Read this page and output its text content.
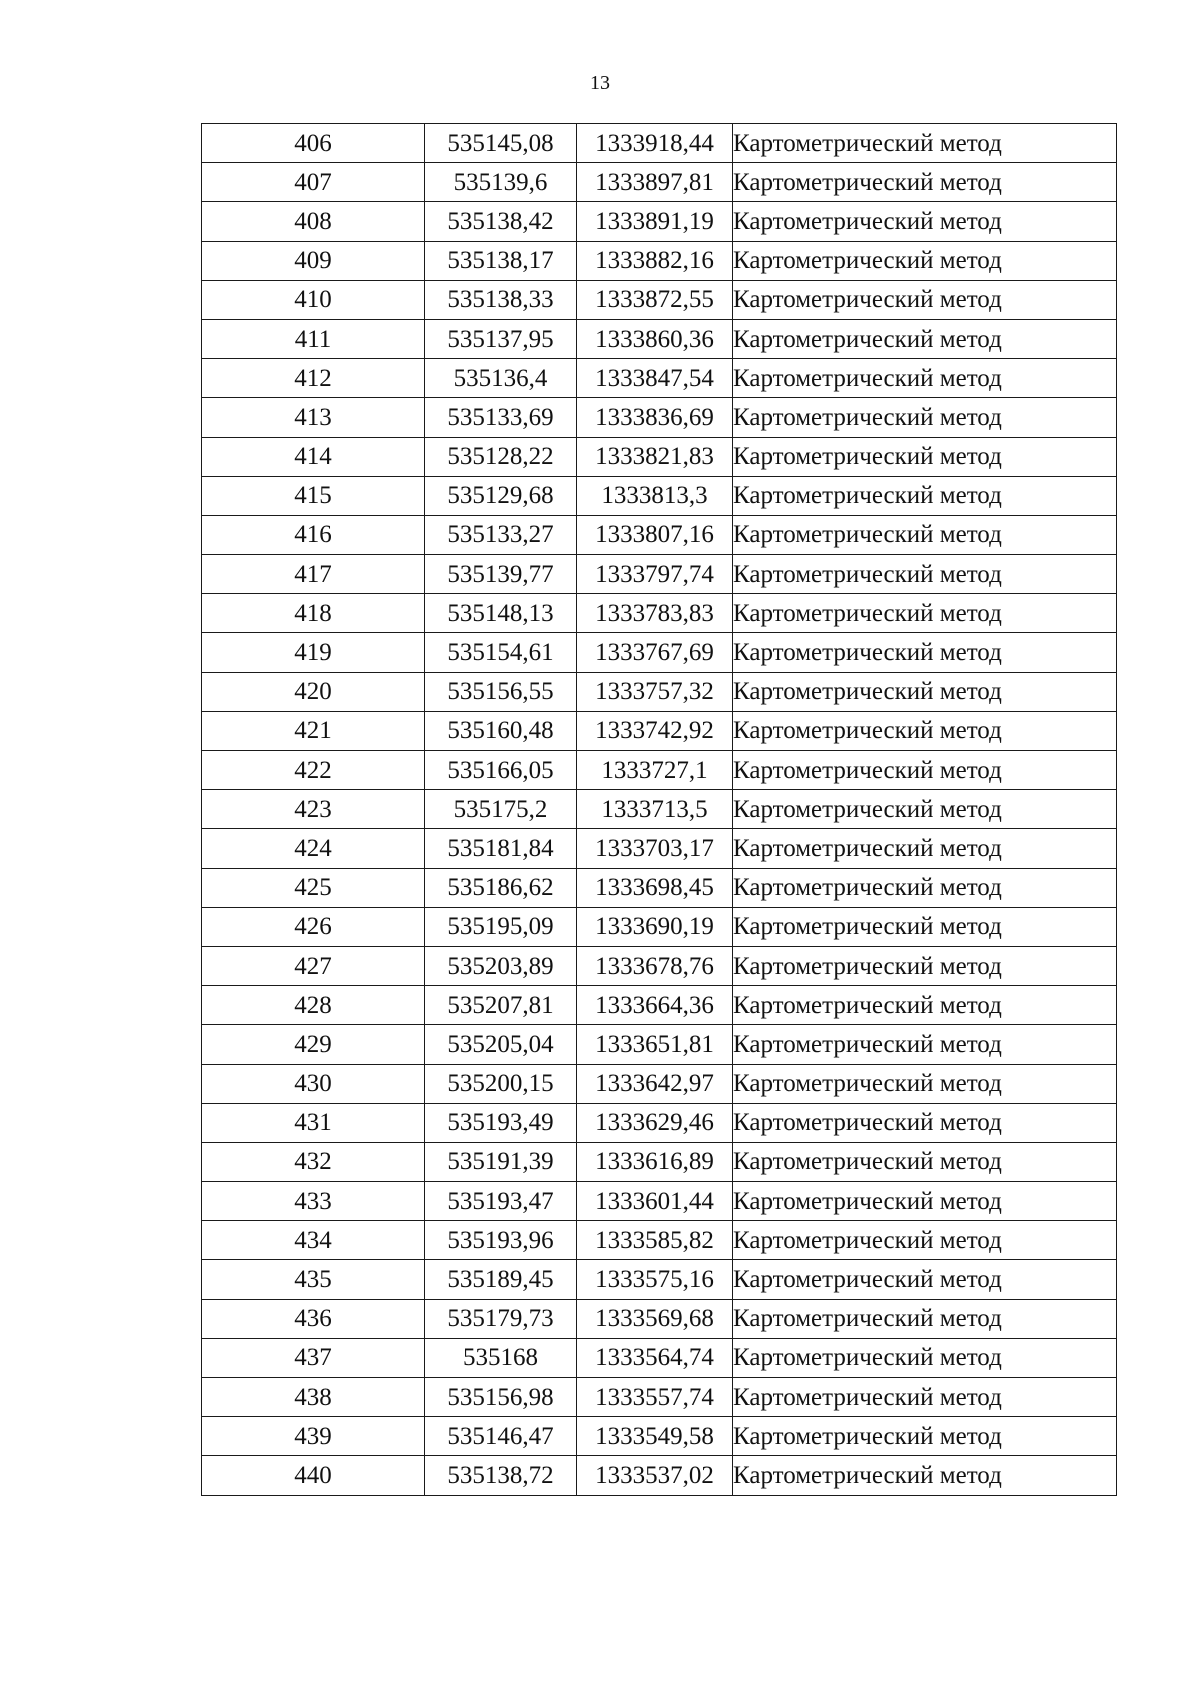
13
406	535145,08	1333918,44	Картометрический метод
407	535139,6	1333897,81	Картометрический метод
408	535138,42	1333891,19	Картометрический метод
409	535138,17	1333882,16	Картометрический метод
410	535138,33	1333872,55	Картометрический метод
411	535137,95	1333860,36	Картометрический метод
412	535136,4	1333847,54	Картометрический метод
413	535133,69	1333836,69	Картометрический метод
414	535128,22	1333821,83	Картометрический метод
415	535129,68	1333813,3	Картометрический метод
416	535133,27	1333807,16	Картометрический метод
417	535139,77	1333797,74	Картометрический метод
418	535148,13	1333783,83	Картометрический метод
419	535154,61	1333767,69	Картометрический метод
420	535156,55	1333757,32	Картометрический метод
421	535160,48	1333742,92	Картометрический метод
422	535166,05	1333727,1	Картометрический метод
423	535175,2	1333713,5	Картометрический метод
424	535181,84	1333703,17	Картометрический метод
425	535186,62	1333698,45	Картометрический метод
426	535195,09	1333690,19	Картометрический метод
427	535203,89	1333678,76	Картометрический метод
428	535207,81	1333664,36	Картометрический метод
429	535205,04	1333651,81	Картометрический метод
430	535200,15	1333642,97	Картометрический метод
431	535193,49	1333629,46	Картометрический метод
432	535191,39	1333616,89	Картометрический метод
433	535193,47	1333601,44	Картометрический метод
434	535193,96	1333585,82	Картометрический метод
435	535189,45	1333575,16	Картометрический метод
436	535179,73	1333569,68	Картометрический метод
437	535168	1333564,74	Картометрический метод
438	535156,98	1333557,74	Картометрический метод
439	535146,47	1333549,58	Картометрический метод
440	535138,72	1333537,02	Картометрический метод
